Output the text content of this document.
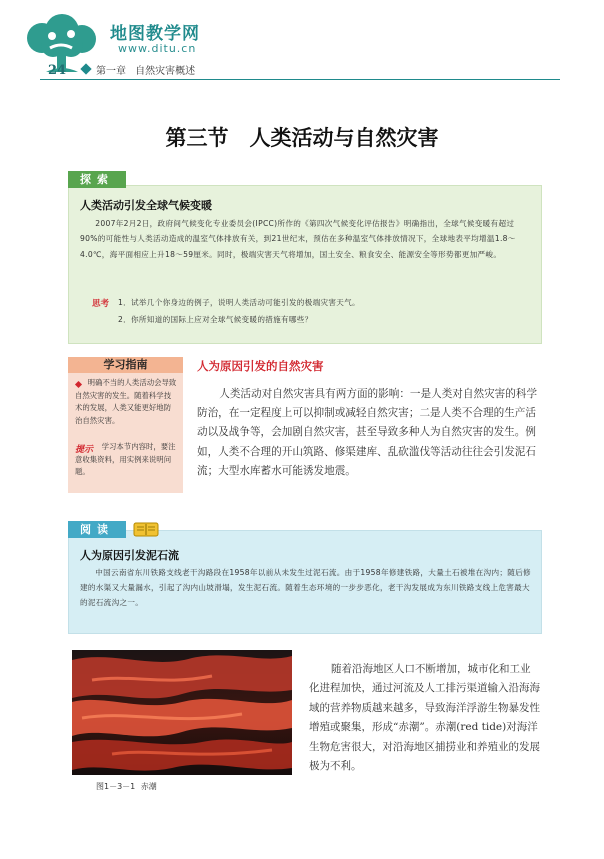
地图教学网
www.ditu.cn
24	第一章 自然灾害概述
第三节　人类活动与自然灾害
探索
人类活动引发全球气候变暖
2007年2月2日，政府间气候变化专业委员会(IPCC)所作的《第四次气候变化评估报告》明确指出，全球气候变暖有超过90%的可能性与人类活动造成的温室气体排放有关，到21世纪末，预估在多种温室气体排放情况下，全球地表平均增温1.8～4.0℃，海平面相应上升18～59厘米。同时，极端灾害天气将增加，国土安全、粮食安全、能源安全等形势都更加严峻。
思考 1．试举几个你身边的例子，说明人类活动可能引发的极端灾害天气。
2．你所知道的国际上应对全球气候变暖的措施有哪些？
学习指南
明确不当的人类活动会导致自然灾害的发生。随着科学技术的发展，人类又能更好地防治自然灾害。
提示	学习本节内容时，要注意收集资料，用实例来说明问题。
人为原因引发的自然灾害
人类活动对自然灾害具有两方面的影响：一是人类对自然灾害的科学防治，在一定程度上可以抑制或减轻自然灾害；二是人类不合理的生产活动以及战争等，会加剧自然灾害，甚至导致多种人为自然灾害的发生。例如，人类不合理的开山筑路、修渠建库、乱砍滥伐等活动往往会引发泥石流；大型水库蓄水可能诱发地震。
阅读
人为原因引发泥石流
中国云南省东川铁路支线老干沟路段在1958年以前从未发生过泥石流。由于1958年修建铁路，大量土石被堆在沟内；随后修建的水渠又大量漏水，引起了沟内山坡滑塌，发生泥石流。随着生态环境的一步步恶化，老干沟发展成为东川铁路支线上危害最大的泥石流沟之一。
图1－3－1 赤潮
随着沿海地区人口不断增加，城市化和工业化进程加快，通过河流及人工排污渠道输入沿海海域的营养物质越来越多，导致海洋浮游生物暴发性增殖或聚集，形成“赤潮”。赤潮(red tide)对海洋生物危害很大，对沿海地区捕捞业和养殖业的发展极为不利。
